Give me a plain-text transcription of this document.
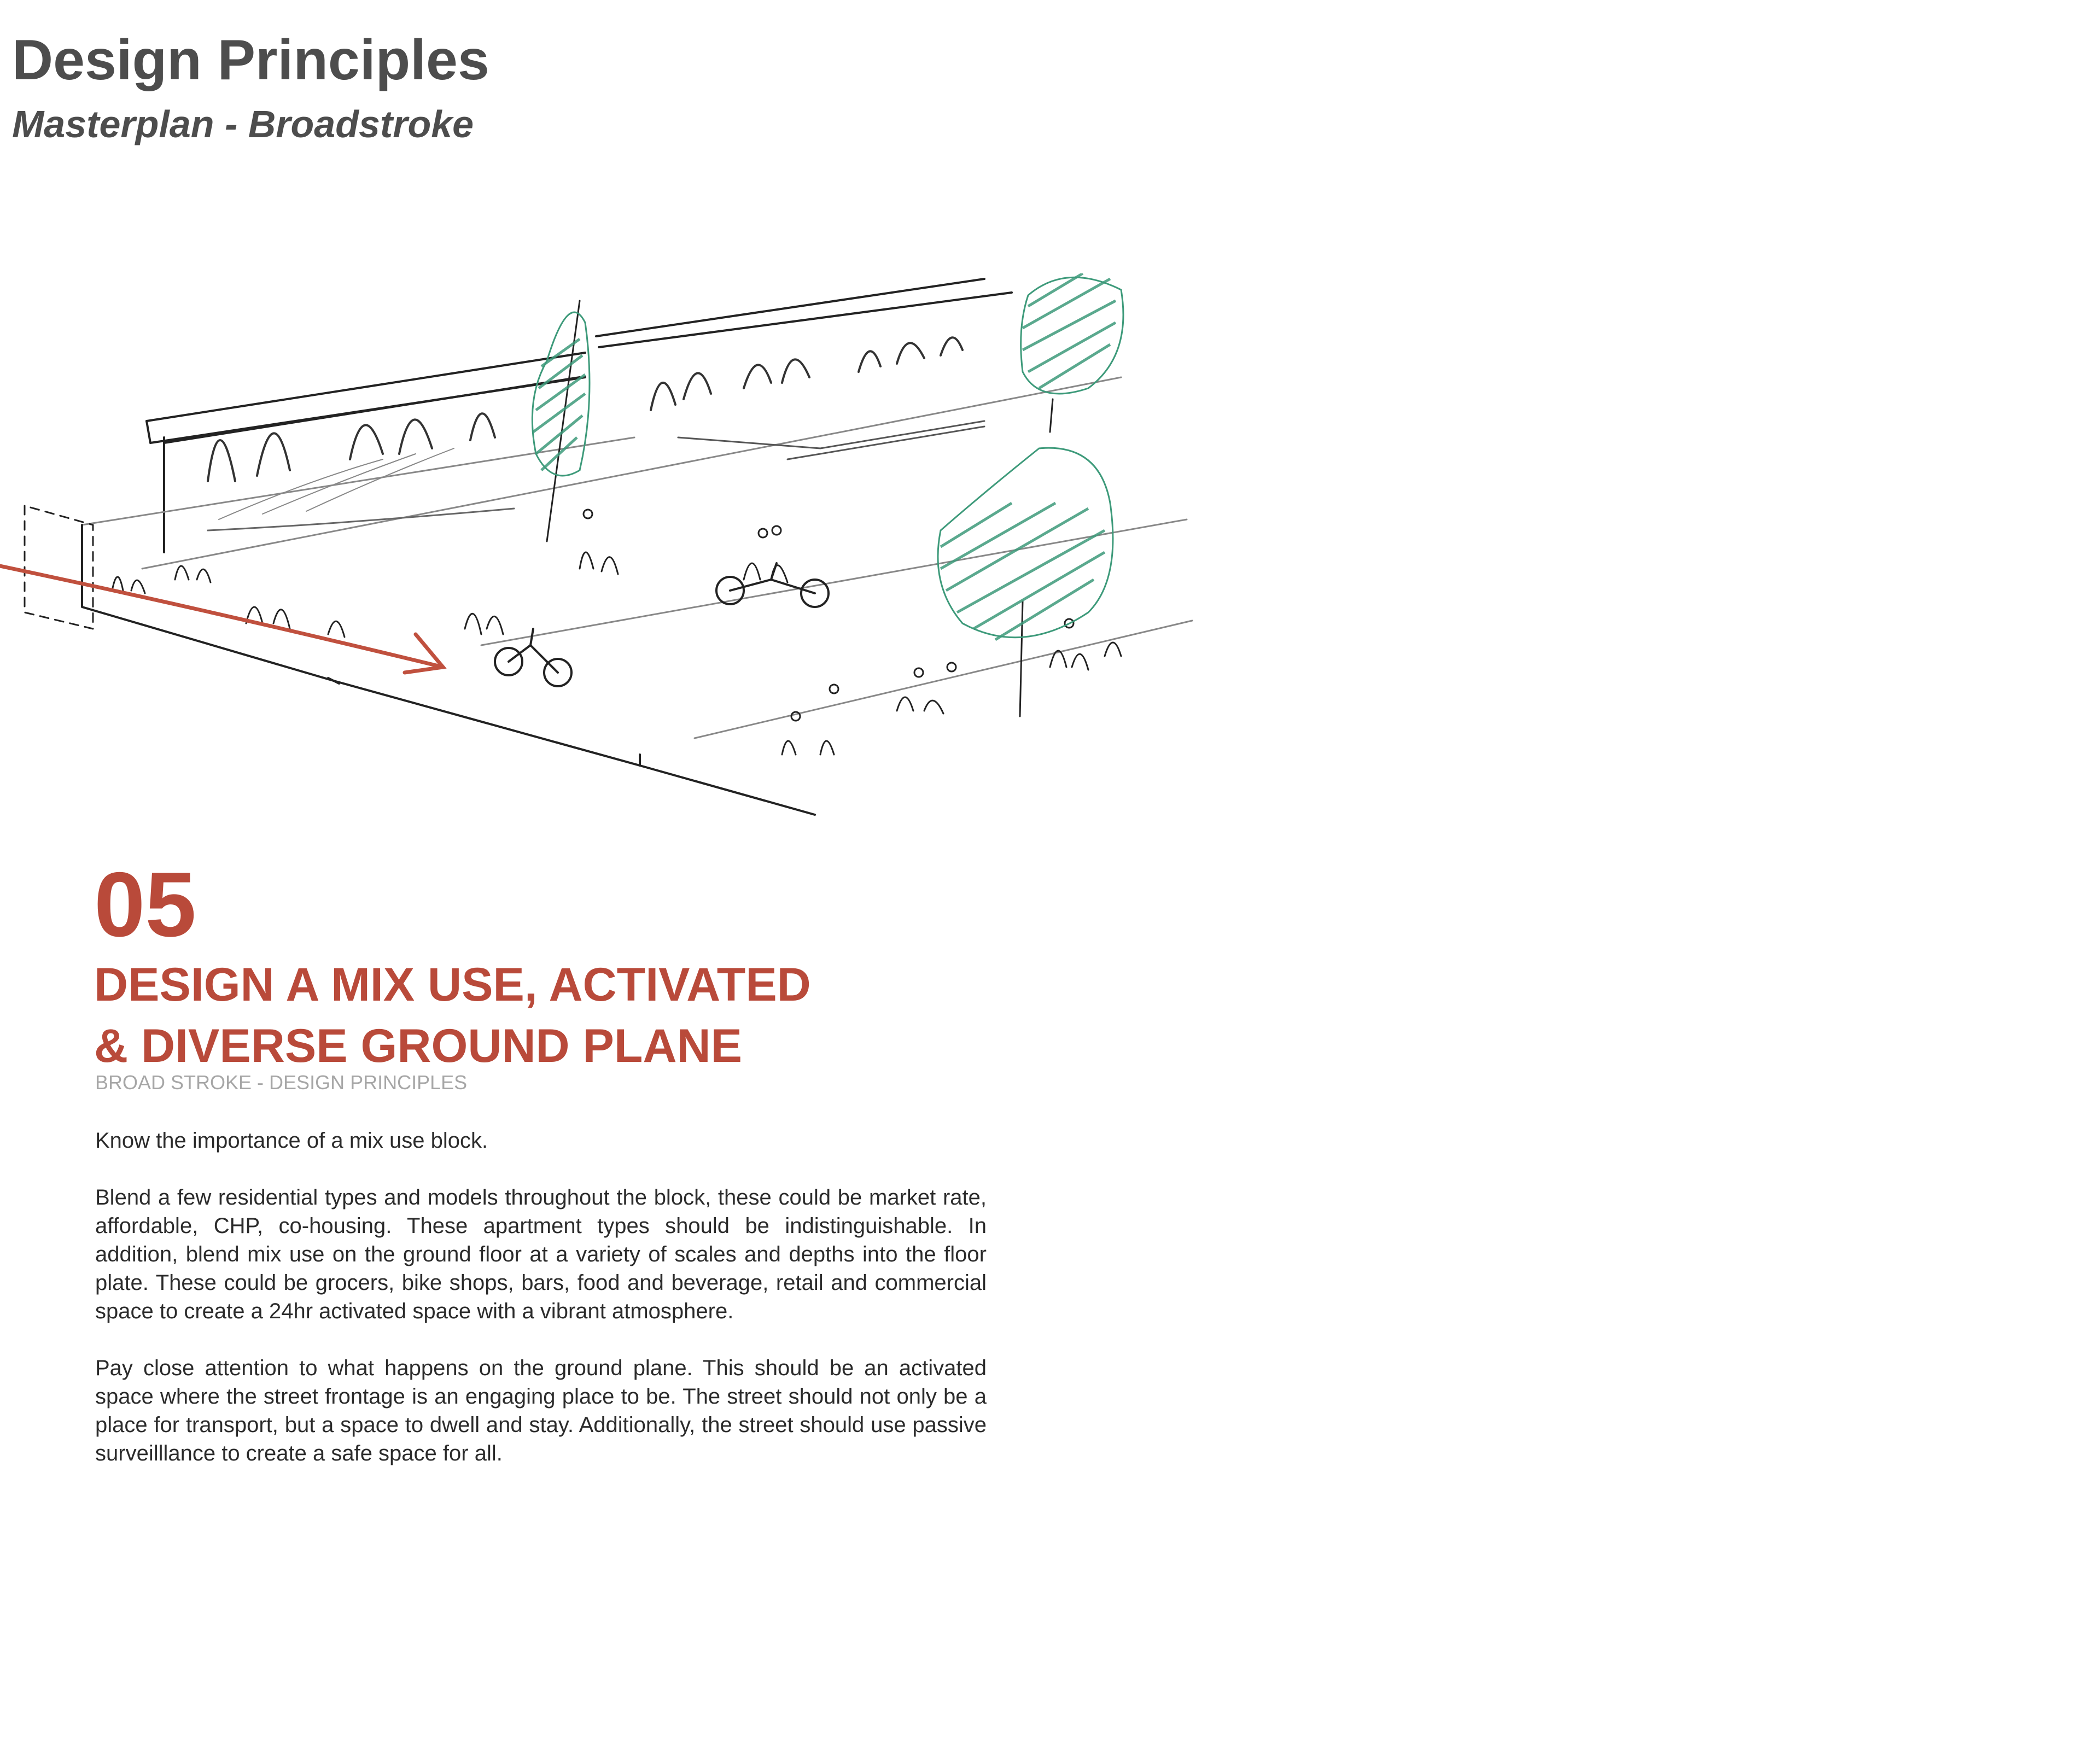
Design Principles
Masterplan - Broadstroke
05
DESIGN A MIX USE, ACTIVATED
& DIVERSE GROUND PLANE
BROAD STROKE - DESIGN PRINCIPLES

Know the importance of a mix use block.

Blend a few residential types and models throughout the block, these could be market rate, affordable, CHP, co-housing. These apartment types should be indistinguishable. In addition, blend mix use on the ground floor at a variety of scales and depths into the floor plate. These could be grocers, bike shops, bars, food and beverage, retail and commercial space to create a 24hr activated space with a vibrant atmosphere.

Pay close attention to what happens on the ground plane. This should be an activated space where the street frontage is an engaging place to be. The street should not only be a place for transport, but a space to dwell and stay. Additionally, the street should use passive surveilllance to create a safe space for all.
